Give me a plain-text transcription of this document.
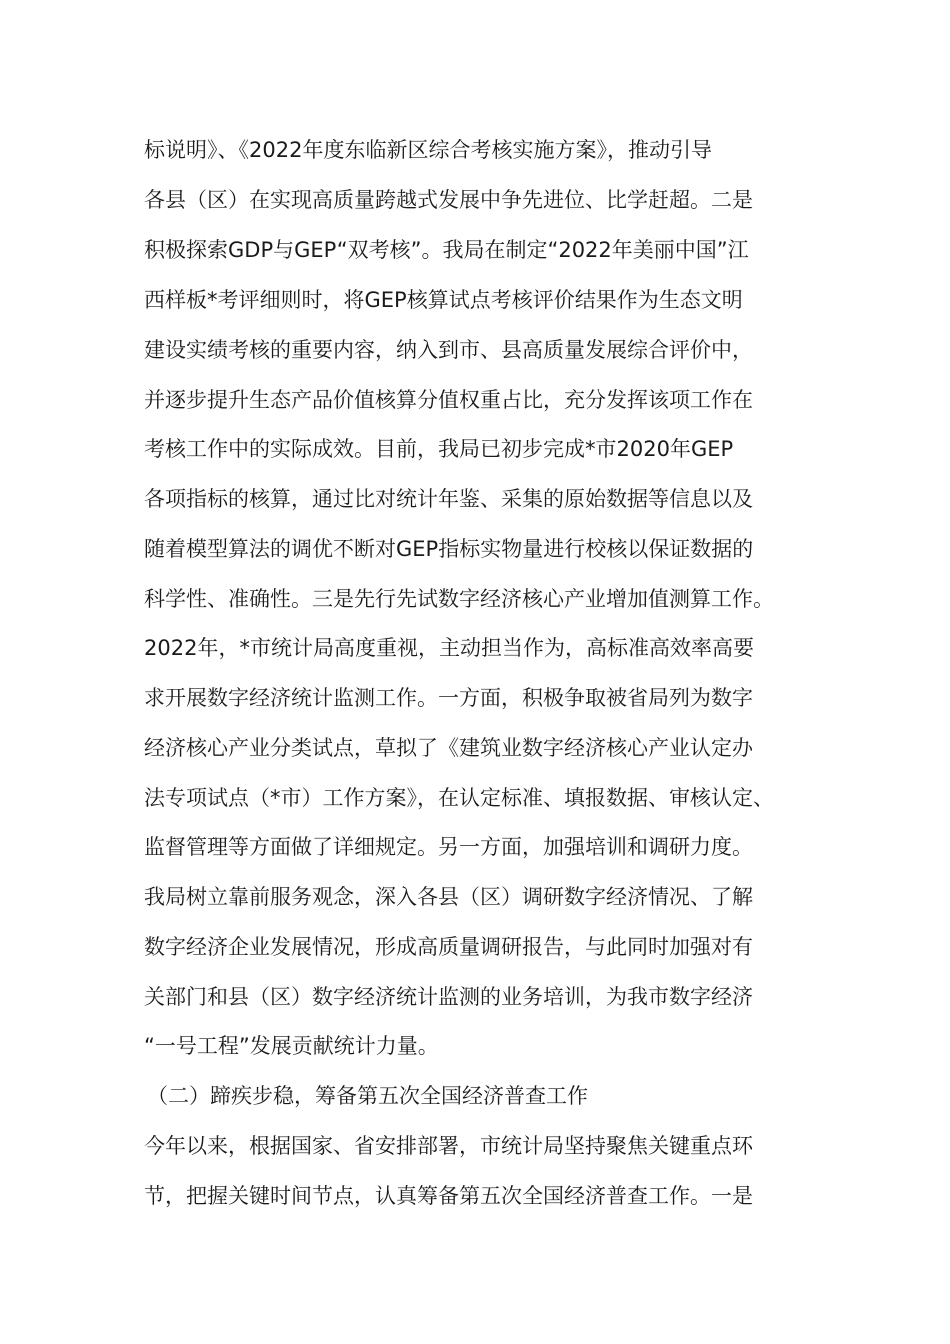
标说明》、《2022年度东临新区综合考核实施方案》，推动引导
各县（区）在实现高质量跨越式发展中争先进位、比学赶超。二是
积极探索GDP与GEP“双考核”。我局在制定“2022年美丽中国”江
西样板*考评细则时，将GEP核算试点考核评价结果作为生态文明
建设实绩考核的重要内容，纳入到市、县高质量发展综合评价中，
并逐步提升生态产品价值核算分值权重占比，充分发挥该项工作在
考核工作中的实际成效。目前，我局已初步完成*市2020年GEP
各项指标的核算，通过比对统计年鉴、采集的原始数据等信息以及
随着模型算法的调优不断对GEP指标实物量进行校核以保证数据的
科学性、准确性。三是先行先试数字经济核心产业增加值测算工作。
2022年，*市统计局高度重视，主动担当作为，高标准高效率高要
求开展数字经济统计监测工作。一方面，积极争取被省局列为数字
经济核心产业分类试点，草拟了《建筑业数字经济核心产业认定办
法专项试点（*市）工作方案》，在认定标准、填报数据、审核认定、
监督管理等方面做了详细规定。另一方面，加强培训和调研力度。
我局树立靠前服务观念，深入各县（区）调研数字经济情况、了解
数字经济企业发展情况，形成高质量调研报告，与此同时加强对有
关部门和县（区）数字经济统计监测的业务培训，为我市数字经济
“一号工程”发展贡献统计力量。
（二）蹄疾步稳，筹备第五次全国经济普查工作
今年以来，根据国家、省安排部署，市统计局坚持聚焦关键重点环
节，把握关键时间节点，认真筹备第五次全国经济普查工作。一是
